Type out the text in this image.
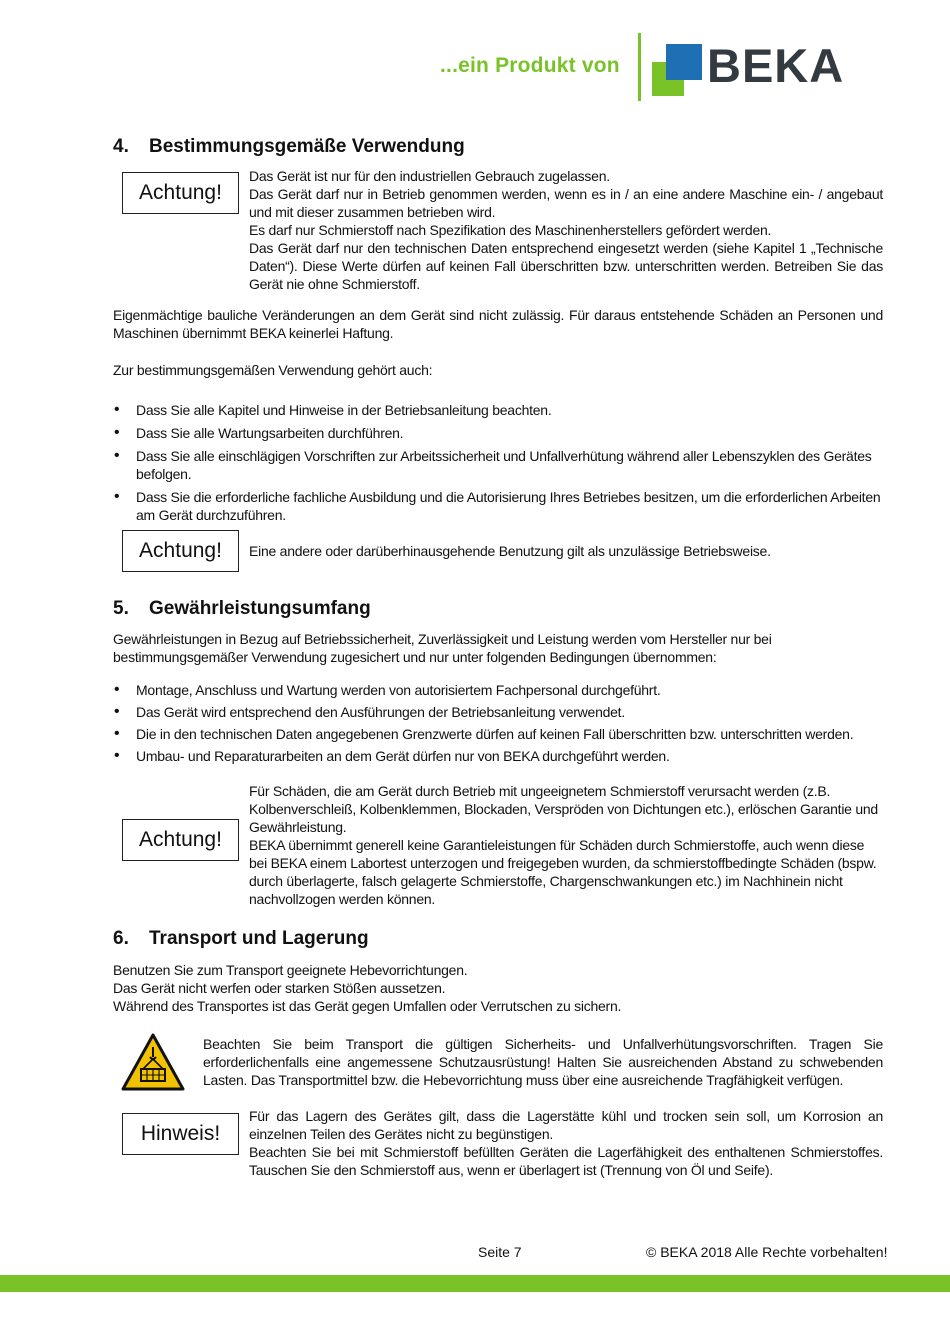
...ein Produkt von BEKA
4. Bestimmungsgemäße Verwendung
Achtung!
Das Gerät ist nur für den industriellen Gebrauch zugelassen.
Das Gerät darf nur in Betrieb genommen werden, wenn es in / an eine andere Maschine ein- / angebaut und mit dieser zusammen betrieben wird.
Es darf nur Schmierstoff nach Spezifikation des Maschinenherstellers gefördert werden.
Das Gerät darf nur den technischen Daten entsprechend eingesetzt werden (siehe Kapitel 1 „Technische Daten“). Diese Werte dürfen auf keinen Fall überschritten bzw. unterschritten werden. Betreiben Sie das Gerät nie ohne Schmierstoff.

Eigenmächtige bauliche Veränderungen an dem Gerät sind nicht zulässig. Für daraus entstehende Schäden an Personen und Maschinen übernimmt BEKA keinerlei Haftung.

Zur bestimmungsgemäßen Verwendung gehört auch:

• Dass Sie alle Kapitel und Hinweise in der Betriebsanleitung beachten.
• Dass Sie alle Wartungsarbeiten durchführen.
• Dass Sie alle einschlägigen Vorschriften zur Arbeitssicherheit und Unfallverhütung während aller Lebenszyklen des Gerätes befolgen.
• Dass Sie die erforderliche fachliche Ausbildung und die Autorisierung Ihres Betriebes besitzen, um die erforderlichen Arbeiten am Gerät durchzuführen.
Achtung!	Eine andere oder darüberhinausgehende Benutzung gilt als unzulässige Betriebsweise.

5. Gewährleistungsumfang

Gewährleistungen in Bezug auf Betriebssicherheit, Zuverlässigkeit und Leistung werden vom Hersteller nur bei bestimmungsgemäßer Verwendung zugesichert und nur unter folgenden Bedingungen übernommen:

• Montage, Anschluss und Wartung werden von autorisiertem Fachpersonal durchgeführt.
• Das Gerät wird entsprechend den Ausführungen der Betriebsanleitung verwendet.
• Die in den technischen Daten angegebenen Grenzwerte dürfen auf keinen Fall überschritten bzw. unterschritten werden.
• Umbau- und Reparaturarbeiten an dem Gerät dürfen nur von BEKA durchgeführt werden.
Achtung!
Für Schäden, die am Gerät durch Betrieb mit ungeeignetem Schmierstoff verursacht werden (z.B. Kolbenverschleiß, Kolbenklemmen, Blockaden, Verspröden von Dichtungen etc.), erlöschen Garantie und Gewährleistung.
BEKA übernimmt generell keine Garantieleistungen für Schäden durch Schmierstoffe, auch wenn diese bei BEKA einem Labortest unterzogen und freigegeben wurden, da schmierstoffbedingte Schäden (bspw. durch überlagerte, falsch gelagerte Schmierstoffe, Chargenschwankungen etc.) im Nachhinein nicht nachvollzogen werden können.
6. Transport und Lagerung
Benutzen Sie zum Transport geeignete Hebevorrichtungen.
Das Gerät nicht werfen oder starken Stößen aussetzen.
Während des Transportes ist das Gerät gegen Umfallen oder Verrutschen zu sichern.

Beachten Sie beim Transport die gültigen Sicherheits- und Unfallverhütungsvorschriften. Tragen Sie erforderlichenfalls eine angemessene Schutzausrüstung! Halten Sie ausreichenden Abstand zu schwebenden Lasten. Das Transportmittel bzw. die Hebevorrichtung muss über eine ausreichende Tragfähigkeit verfügen.

Hinweis!
Für das Lagern des Gerätes gilt, dass die Lagerstätte kühl und trocken sein soll, um Korrosion an einzelnen Teilen des Gerätes nicht zu begünstigen.
Beachten Sie bei mit Schmierstoff befüllten Geräten die Lagerfähigkeit des enthaltenen Schmierstoffes. Tauschen Sie den Schmierstoff aus, wenn er überlagert ist (Trennung von Öl und Seife).
Seite 7	© BEKA 2018 Alle Rechte vorbehalten!
